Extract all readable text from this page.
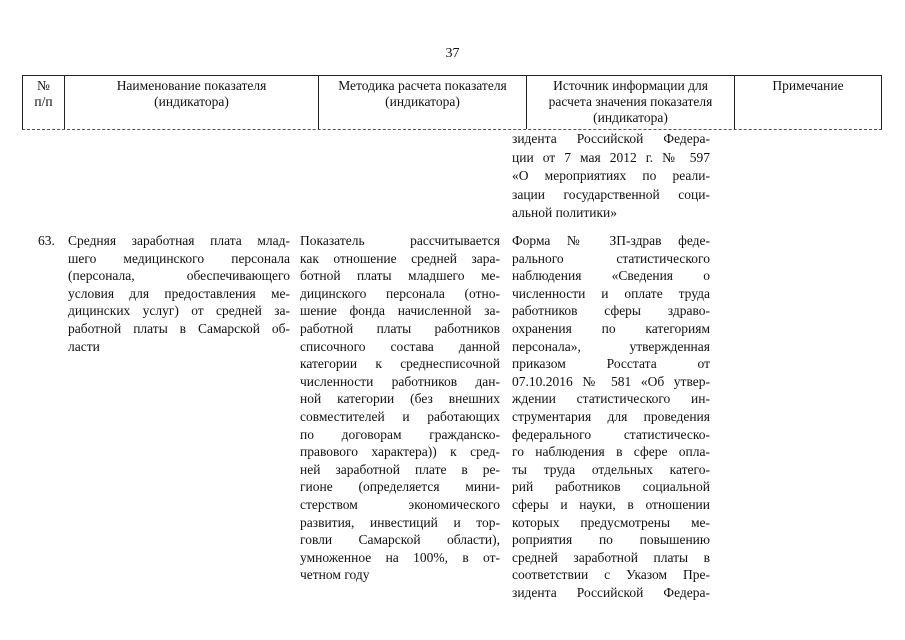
37
№
п/п
Наименование показателя
(индикатора)
Методика расчета показателя
(индикатора)
Источник информации для
расчета значения показателя
(индикатора)
Примечание
зидента Российской Федера-
ции от 7 мая 2012 г. № 597
«О мероприятиях по реали-
зации государственной соци-
альной политики»
63. Средняя заработная плата млад-
шего медицинского персонала
(персонала, обеспечивающего
условия для предоставления ме-
дицинских услуг) от средней за-
работной платы в Самарской об-
ласти
Показатель рассчитывается
как отношение средней зара-
ботной платы младшего ме-
дицинского персонала (отно-
шение фонда начисленной за-
работной платы работников
списочного состава данной
категории к среднесписочной
численности работников дан-
ной категории (без внешних
совместителей и работающих
по договорам гражданско-
правового характера)) к сред-
ней заработной плате в ре-
гионе (определяется мини-
стерством экономического
развития, инвестиций и тор-
говли Самарской области),
умноженное на 100%, в от-
четном году
Форма № ЗП-здрав феде-
рального статистического
наблюдения «Сведения о
численности и оплате труда
работников сферы здраво-
охранения по категориям
персонала», утвержденная
приказом Росстата от
07.10.2016 № 581 «Об утвер-
ждении статистического ин-
струментария для проведения
федерального статистическо-
го наблюдения в сфере опла-
ты труда отдельных катего-
рий работников социальной
сферы и науки, в отношении
которых предусмотрены ме-
роприятия по повышению
средней заработной платы в
соответствии с Указом Пре-
зидента Российской Федера-
